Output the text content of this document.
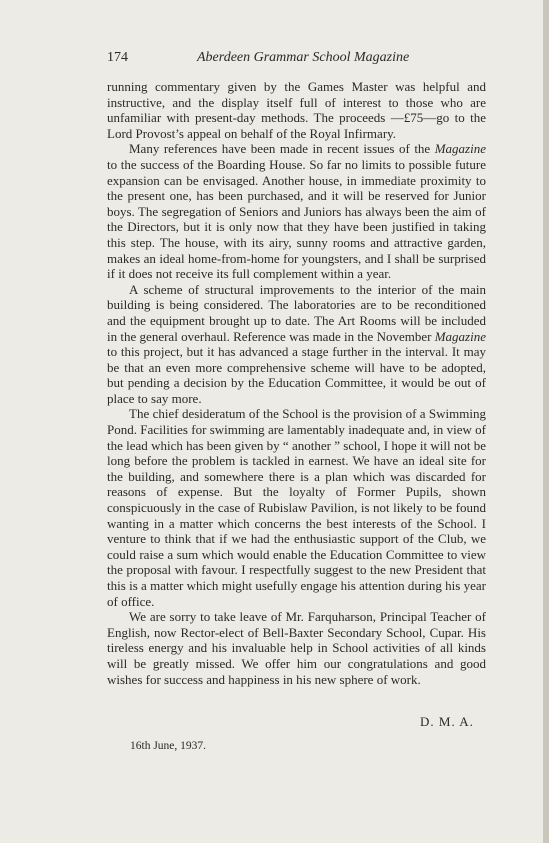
174	Aberdeen Grammar School Magazine

running commentary given by the Games Master was helpful and instructive, and the display itself full of interest to those who are unfamiliar with present-day methods. The proceeds —£75—go to the Lord Provost’s appeal on behalf of the Royal Infirmary.

Many references have been made in recent issues of the Magazine to the success of the Boarding House. So far no limits to possible future expansion can be envisaged. Another house, in immediate proximity to the present one, has been purchased, and it will be reserved for Junior boys. The segregation of Seniors and Juniors has always been the aim of the Directors, but it is only now that they have been justified in taking this step. The house, with its airy, sunny rooms and attractive garden, makes an ideal home-from-home for youngsters, and I shall be surprised if it does not receive its full complement within a year.

A scheme of structural improvements to the interior of the main building is being considered. The laboratories are to be reconditioned and the equipment brought up to date. The Art Rooms will be included in the general overhaul. Reference was made in the November Magazine to this project, but it has advanced a stage further in the interval. It may be that an even more comprehensive scheme will have to be adopted, but pending a decision by the Education Committee, it would be out of place to say more.

The chief desideratum of the School is the provision of a Swimming Pond. Facilities for swimming are lamentably inadequate and, in view of the lead which has been given by “ another ” school, I hope it will not be long before the problem is tackled in earnest. We have an ideal site for the building, and somewhere there is a plan which was discarded for reasons of expense. But the loyalty of Former Pupils, shown conspicuously in the case of Rubislaw Pavilion, is not likely to be found wanting in a matter which concerns the best interests of the School. I venture to think that if we had the enthusiastic support of the Club, we could raise a sum which would enable the Education Committee to view the proposal with favour. I respectfully suggest to the new President that this is a matter which might usefully engage his attention during his year of office.

We are sorry to take leave of Mr. Farquharson, Principal Teacher of English, now Rector-elect of Bell-Baxter Secondary School, Cupar. His tireless energy and his invaluable help in School activities of all kinds will be greatly missed. We offer him our congratulations and good wishes for success and happiness in his new sphere of work.

D. M. A.
16th June, 1937.
